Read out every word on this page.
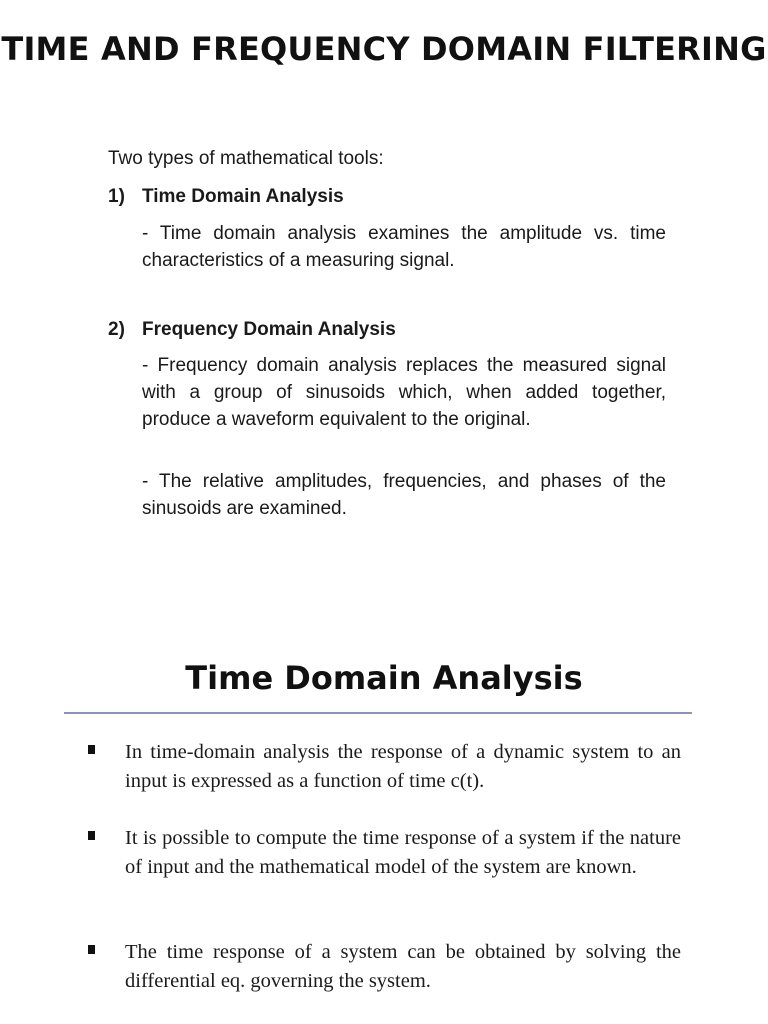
TIME AND FREQUENCY DOMAIN FILTERING
Two types of mathematical tools:
1) Time Domain Analysis
- Time domain analysis examines the amplitude vs. time characteristics of a measuring signal.
2) Frequency Domain Analysis
- Frequency domain analysis replaces the measured signal with a group of sinusoids which, when added together, produce a waveform equivalent to the original.
- The relative amplitudes, frequencies, and phases of the sinusoids are examined.
Time Domain Analysis
In time-domain analysis the response of a dynamic system to an input is expressed as a function of time c(t).
It is possible to compute the time response of a system if the nature of input and the mathematical model of the system are known.
The time response of a system can be obtained by solving the differential eq. governing the system.
